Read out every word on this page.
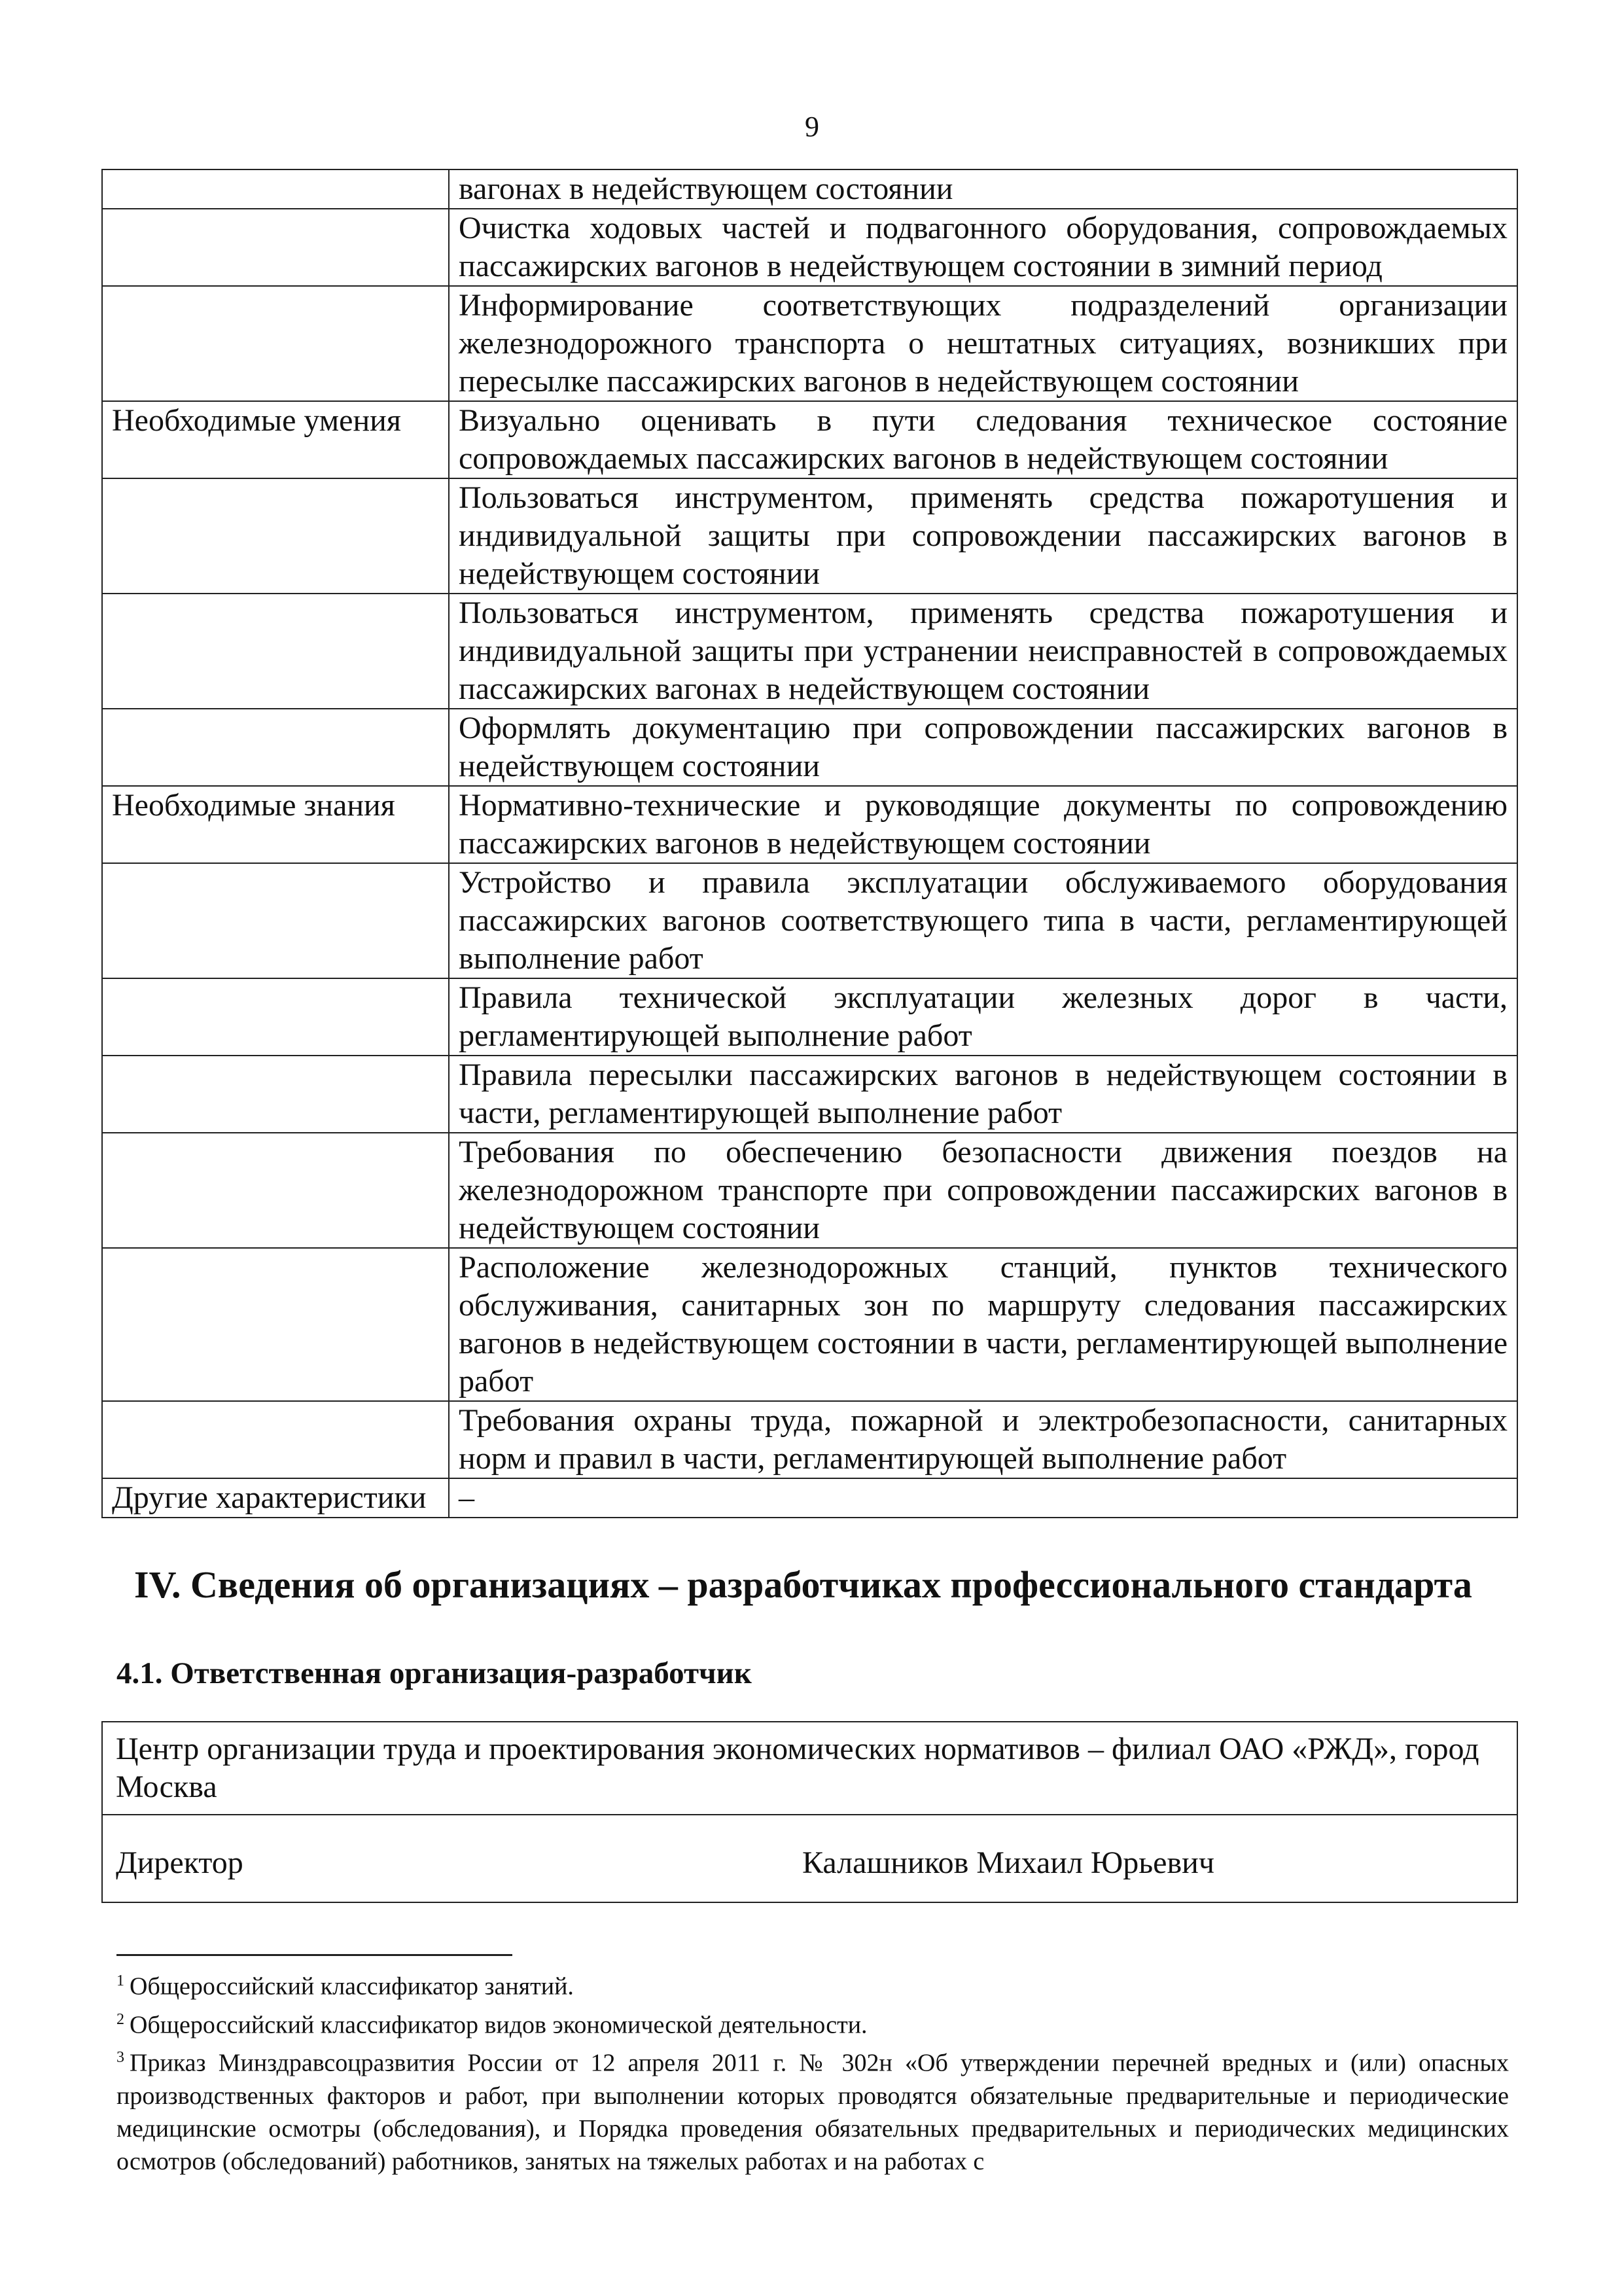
9
	вагонах в недействующем состоянии
	Очистка ходовых частей и подвагонного оборудования, сопровождаемых пассажирских вагонов в недействующем состоянии в зимний период
	Информирование соответствующих подразделений организации железнодорожного транспорта о нештатных ситуациях, возникших при пересылке пассажирских вагонов в недействующем состоянии
Необходимые умения	Визуально оценивать в пути следования техническое состояние сопровождаемых пассажирских вагонов в недействующем состоянии
	Пользоваться инструментом, применять средства пожаротушения и индивидуальной защиты при сопровождении пассажирских вагонов в недействующем состоянии
	Пользоваться инструментом, применять средства пожаротушения и индивидуальной защиты при устранении неисправностей в сопровождаемых пассажирских вагонах в недействующем состоянии
	Оформлять документацию при сопровождении пассажирских вагонов в недействующем состоянии
Необходимые знания	Нормативно-технические и руководящие документы по сопровождению пассажирских вагонов в недействующем состоянии
	Устройство и правила эксплуатации обслуживаемого оборудования пассажирских вагонов соответствующего типа в части, регламентирующей выполнение работ
	Правила технической эксплуатации железных дорог в части, регламентирующей выполнение работ
	Правила пересылки пассажирских вагонов в недействующем состоянии в части, регламентирующей выполнение работ
	Требования по обеспечению безопасности движения поездов на железнодорожном транспорте при сопровождении пассажирских вагонов в недействующем состоянии
	Расположение железнодорожных станций, пунктов технического обслуживания, санитарных зон по маршруту следования пассажирских вагонов в недействующем состоянии в части, регламентирующей выполнение работ
	Требования охраны труда, пожарной и электробезопасности, санитарных норм и правил в части, регламентирующей выполнение работ
Другие характеристики	–
IV. Сведения об организациях – разработчиках профессионального стандарта
4.1. Ответственная организация-разработчик
Центр организации труда и проектирования экономических нормативов – филиал ОАО «РЖД», город Москва
Директор	Калашников Михаил Юрьевич

$^1$ Общероссийский классификатор занятий.

$^2$ Общероссийский классификатор видов экономической деятельности.

$^3$ Приказ Минздравсоцразвития России от 12 апреля 2011 г. № 302н «Об утверждении перечней вредных и (или) опасных производственных факторов и работ, при выполнении которых проводятся обязательные предварительные и периодические медицинские осмотры (обследования), и Порядка проведения обязательных предварительных и периодических медицинских осмотров (обследований) работников, занятых на тяжелых работах и на работах с
